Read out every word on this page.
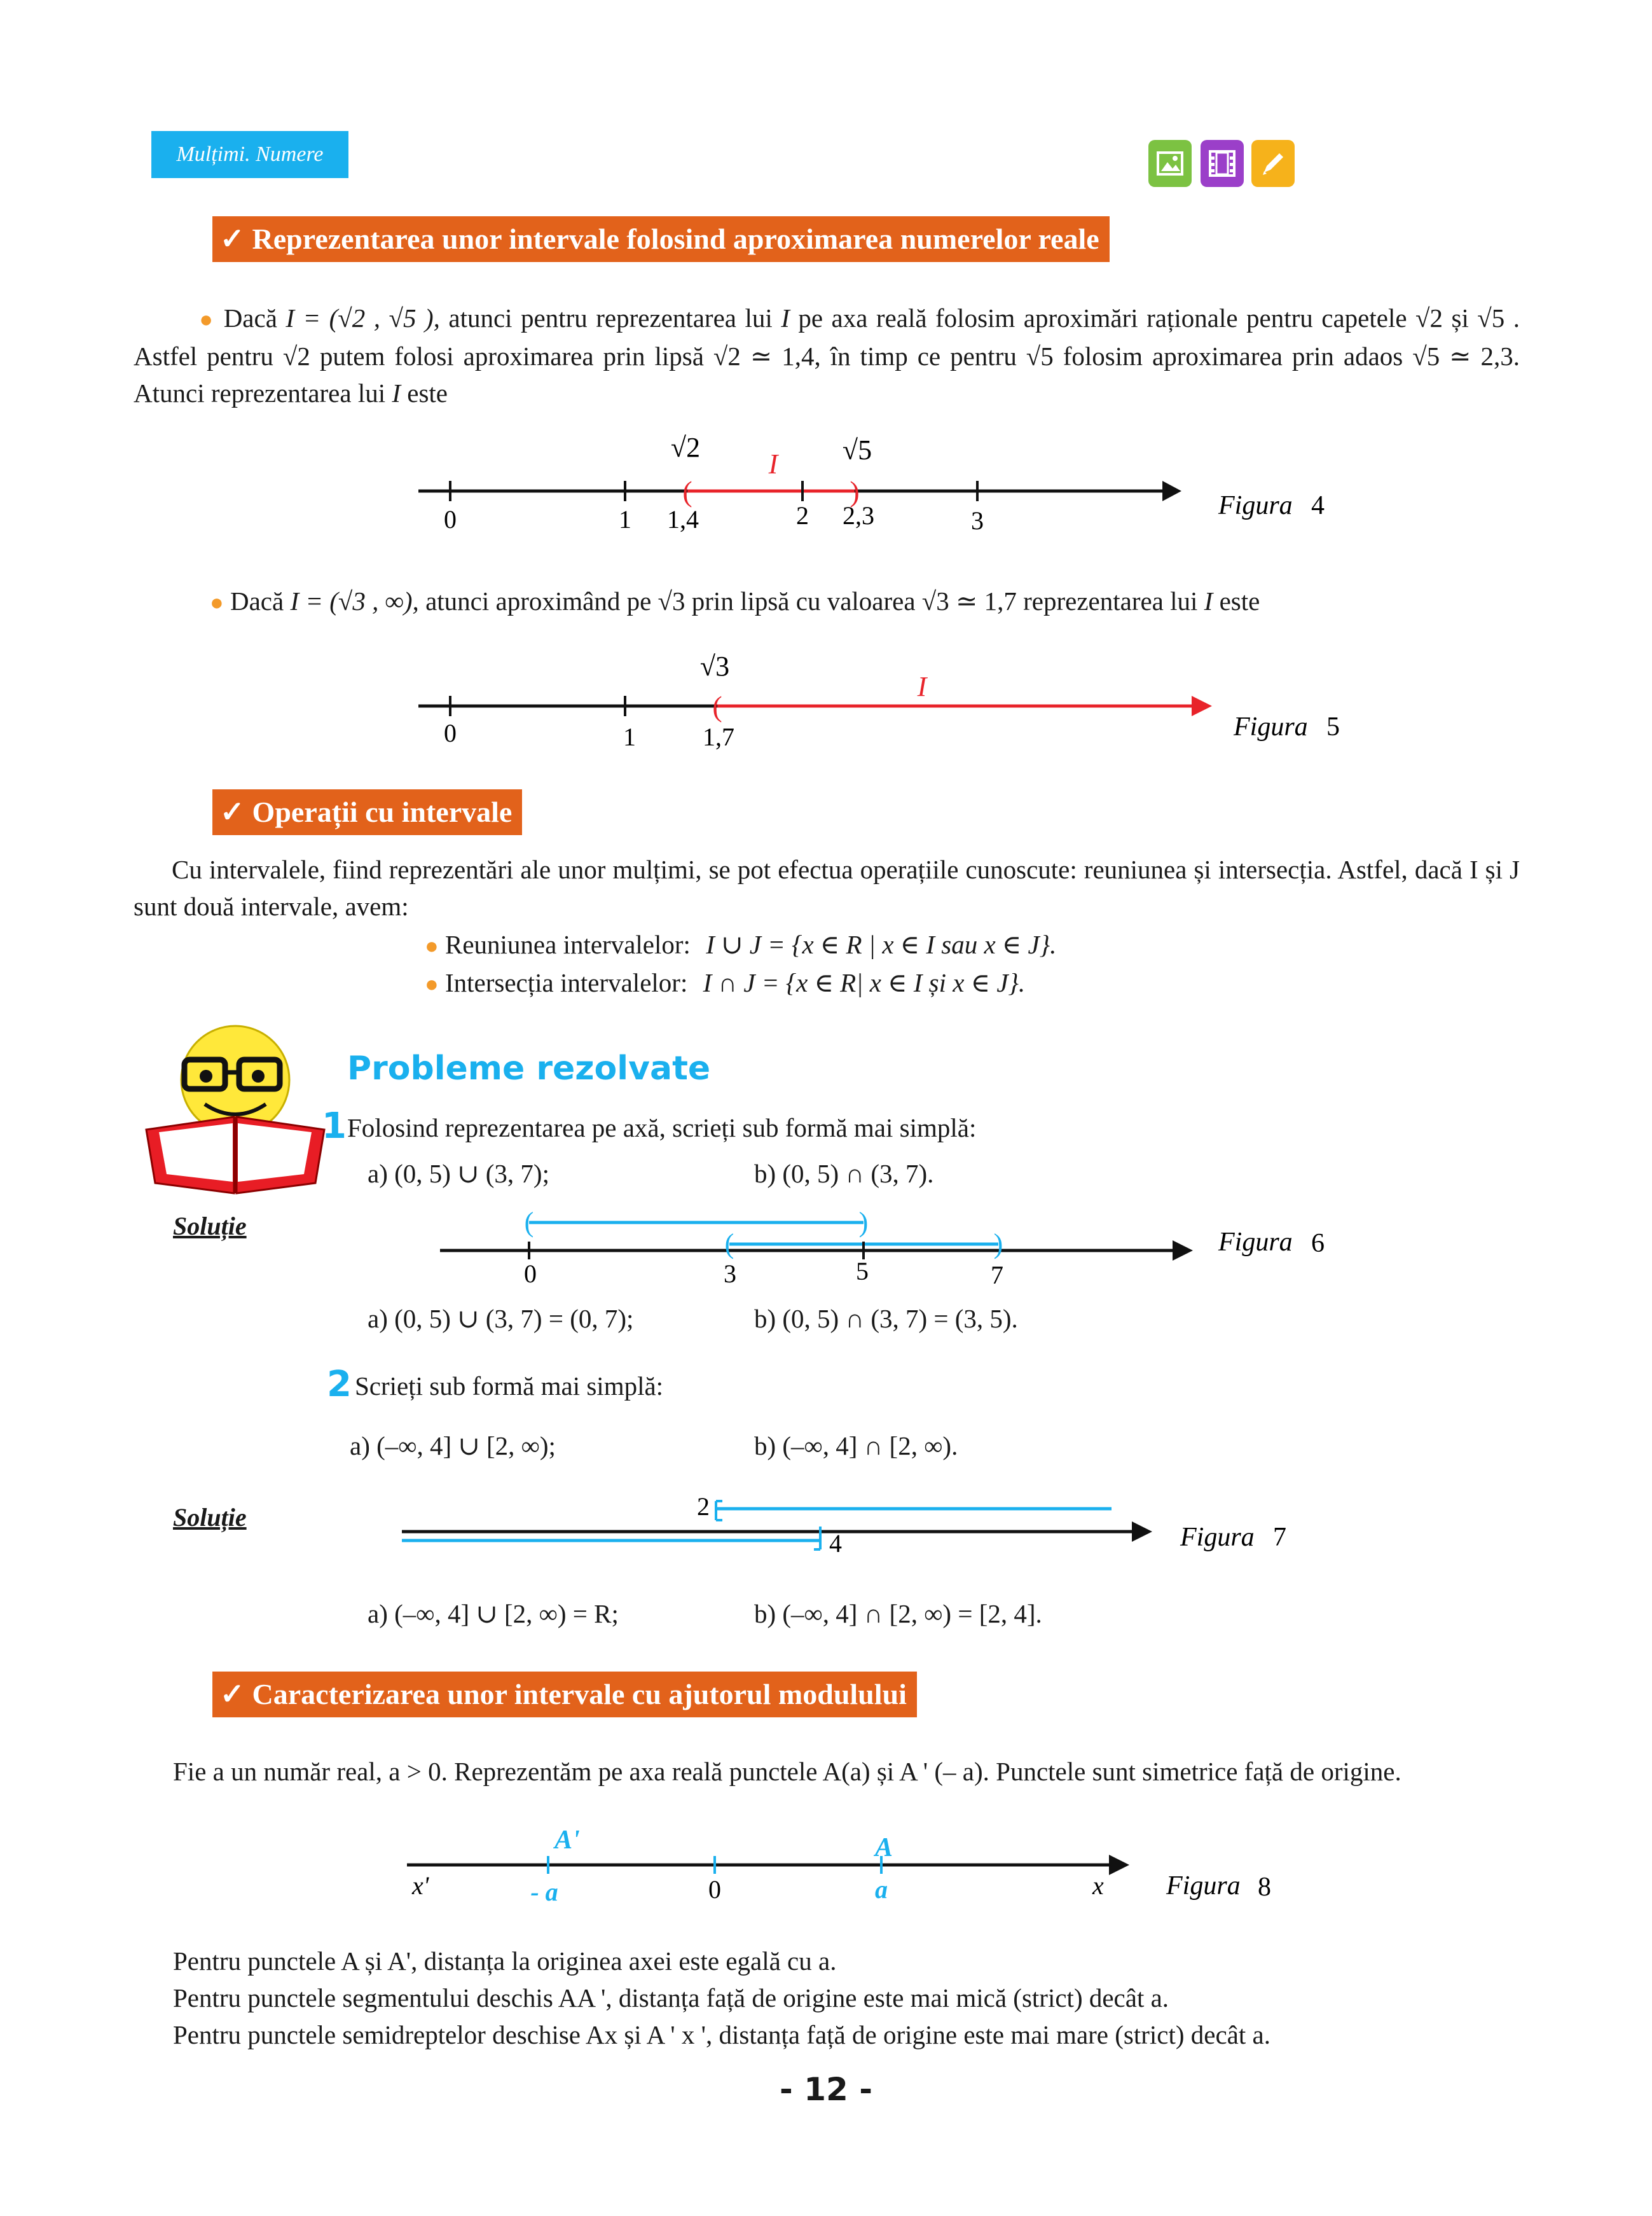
Mulțimi. Numere
✓ Reprezentarea unor intervale folosind aproximarea numerelor reale
● Dacă I = (√2 , √5 ), atunci pentru reprezentarea lui I pe axa reală folosim aproximări raționale pentru capetele √2 și √5 . Astfel pentru √2 putem folosi aproximarea prin lipsă √2 ≃ 1,4, în timp ce pentru √5 folosim aproximarea prin adaos √5 ≃ 2,3. Atunci reprezentarea lui I este
(	)
0	1 1,4	2 2,3	3
√2	√5
I
Figura 4
● Dacă I = (√3 , ∞), atunci aproximând pe √3 prin lipsă cu valoarea √3 ≃ 1,7 reprezentarea lui I este
(
0	1	1,7
√3
I
Figura 5
✓ Operații cu intervale
Cu intervalele, fiind reprezentări ale unor mulțimi, se pot efectua operațiile cunoscute: reuniunea și intersecția. Astfel, dacă I și J sunt două intervale, avem:
● Reuniunea intervalelor: I ∪ J = {x ∈ R | x ∈ I sau x ∈ J}.
● Intersecția intervalelor: I ∩ J = {x ∈ R| x ∈ I și x ∈ J}.
Probleme rezolvate
1 Folosind reprezentarea pe axă, scrieți sub formă mai simplă:
a) (0, 5) ∪ (3, 7);	b) (0, 5) ∩ (3, 7).
Soluție	(	)
(	)
0	3	5	7
Figura 6
a) (0, 5) ∪ (3, 7) = (0, 7);	b) (0, 5) ∩ (3, 7) = (3, 5).
2 Scrieți sub formă mai simplă:
a) (–∞, 4] ∪ [2, ∞);	b) (–∞, 4] ∩ [2, ∞).
Soluție	2
4	Figura 7
a) (–∞, 4] ∪ [2, ∞) = R;	b) (–∞, 4] ∩ [2, ∞) = [2, 4].
✓ Caracterizarea unor intervale cu ajutorul modulului
Fie a un număr real, a > 0. Reprezentăm pe axa reală punctele A(a) și A ' (– a). Punctele sunt simetrice față de origine.
x'	x
A'	A
- a	0	a	Figura 8
Pentru punctele A și A', distanța la originea axei este egală cu a.
Pentru punctele segmentului deschis AA ', distanța față de origine este mai mică (strict) decât a.
Pentru punctele semidreptelor deschise Ax și A ' x ', distanța față de origine este mai mare (strict) decât a.
- 12 -
